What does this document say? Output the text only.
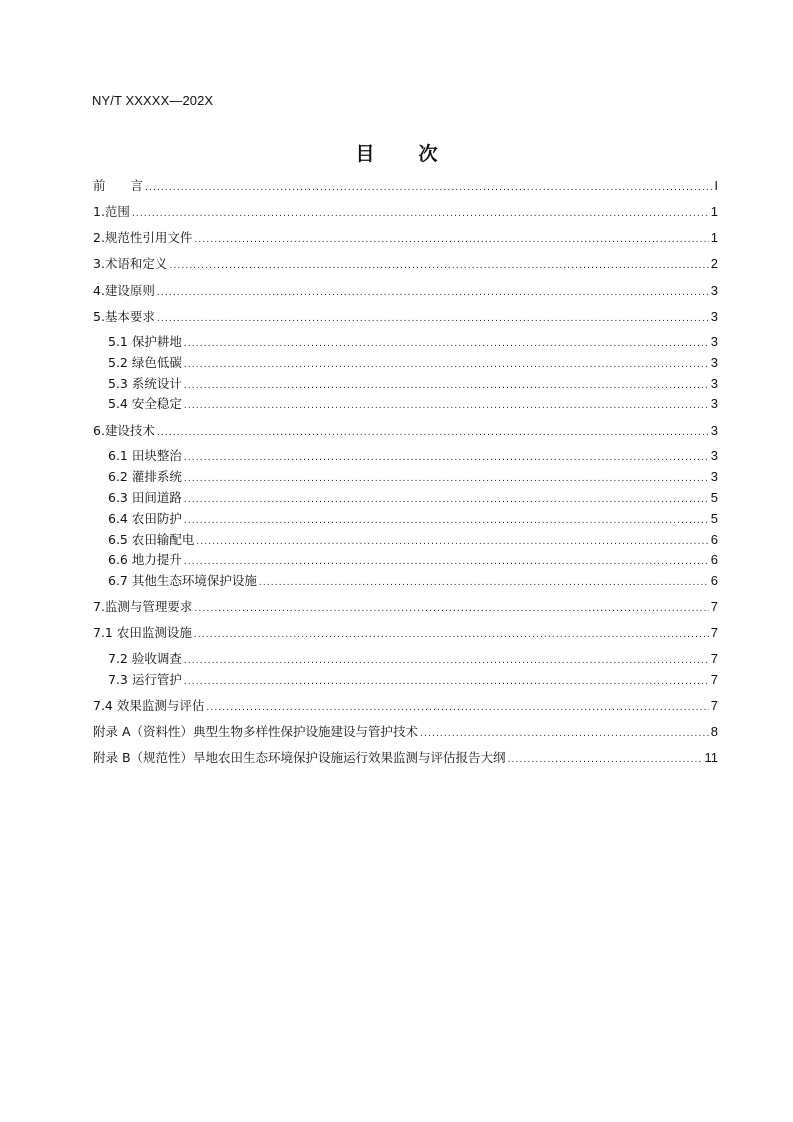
NY/T XXXXX—202X
目 次
前　　言 .....	I
1.范围 .....	1
2.规范性引用文件 .....	1
3.术语和定义 .....	2
4.建设原则 .....	3
5.基本要求 .....	3
5.1 保护耕地 .....	3
5.2 绿色低碳 .....	3
5.3 系统设计 .....	3
5.4 安全稳定 .....	3
6.建设技术 .....	3
6.1 田块整治 .....	3
6.2 灌排系统 .....	3
6.3 田间道路 .....	5
6.4 农田防护 .....	5
6.5 农田输配电 .....	6
6.6 地力提升 .....	6
6.7 其他生态环境保护设施 .....	6
7.监测与管理要求 .....	7
7.1 农田监测设施 .....	7
7.2 验收调查 .....	7
7.3 运行管护 .....	7
7.4 效果监测与评估 .....	7
附录 A（资料性）典型生物多样性保护设施建设与管护技术 .....	8
附录 B（规范性）旱地农田生态环境保护设施运行效果监测与评估报告大纲 .....	11
